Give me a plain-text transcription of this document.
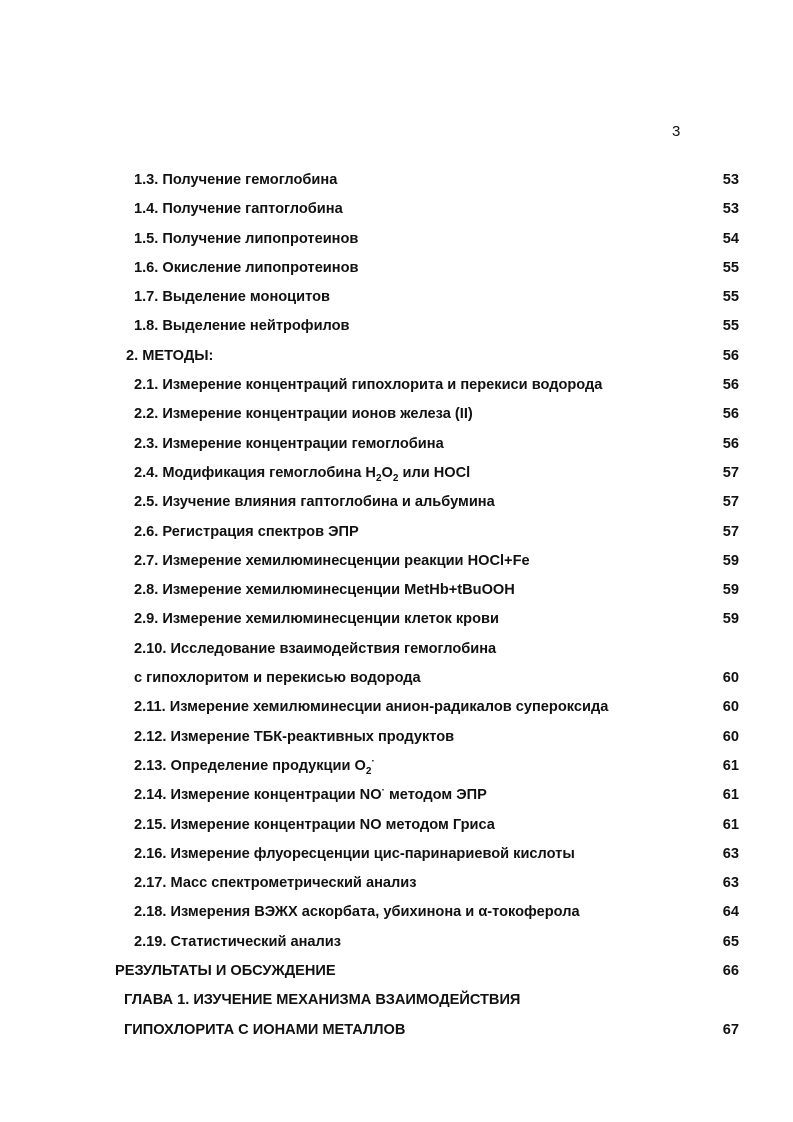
3
1.3. Получение гемоглобина	53
1.4. Получение гаптоглобина	53
1.5. Получение липопротеинов	54
1.6. Окисление липопротеинов	55
1.7. Выделение моноцитов	55
1.8. Выделение нейтрофилов	55
2. МЕТОДЫ:	56
2.1. Измерение концентраций гипохлорита и перекиси водорода	56
2.2. Измерение концентрации ионов железа (II)	56
2.3. Измерение концентрации гемоглобина	56
2.4. Модификация гемоглобина $H_2O_2$ или HOCl	57
2.5. Изучение влияния гаптоглобина и альбумина	57
2.6. Регистрация спектров ЭПР	57
2.7. Измерение хемилюминесценции реакции HOCl+Fe	59
2.8. Измерение хемилюминесценции MetHb+tBuOOH	59
2.9. Измерение хемилюминесценции клеток крови	59
2.10. Исследование взаимодействия гемоглобина
с гипохлоритом и перекисью водорода	60
2.11. Измерение хемилюминесции анион-радикалов супероксида	60
2.12. Измерение ТБК-реактивных продуктов	60
2.13. Определение продукции $O_2^\cdot$	61
2.14. Измерение концентрации NO· методом ЭПР	61
2.15. Измерение концентрации NO методом Гриса	61
2.16. Измерение флуоресценции цис-паринариевой кислоты	63
2.17. Масс спектрометрический анализ	63
2.18. Измерения ВЭЖХ аскорбата, убихинона и α-токоферола	64
2.19. Статистический анализ	65
РЕЗУЛЬТАТЫ И ОБСУЖДЕНИЕ	66
ГЛАВА 1. ИЗУЧЕНИЕ МЕХАНИЗМА ВЗАИМОДЕЙСТВИЯ
ГИПОХЛОРИТА С ИОНАМИ МЕТАЛЛОВ	67
